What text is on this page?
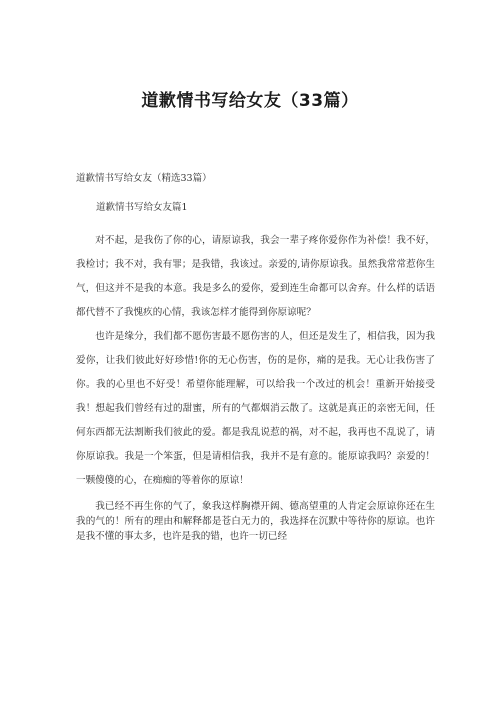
道歉情书写给女友（33篇）

道歉情书写给女友（精选33篇）

道歉情书写给女友篇1

对不起，是我伤了你的心，请原谅我，我会一辈子疼你爱你作为补偿！我不好，我检讨；我不对，我有罪；是我错，我该过。亲爱的,请你原谅我。虽然我常常惹你生气，但这并不是我的本意。我是多么的爱你，爱到连生命都可以舍弃。什么样的话语都代替不了我愧疚的心情，我该怎样才能得到你原谅呢？

也许是缘分，我们都不愿伤害最不愿伤害的人，但还是发生了，相信我，因为我爱你，让我们彼此好好珍惜!你的无心伤害，伤的是你，痛的是我。无心让我伤害了你。我的心里也不好受！希望你能理解，可以给我一个改过的机会！重新开始接受我！想起我们曾经有过的甜蜜，所有的气都烟消云散了。这就是真正的亲密无间，任何东西都无法割断我们彼此的爱。都是我乱说惹的祸，对不起，我再也不乱说了，请你原谅我。我是一个笨蛋，但是请相信我，我并不是有意的。能原谅我吗？亲爱的！一颗傻傻的心，在痴痴的等着你的原谅！

我已经不再生你的气了，象我这样胸襟开阔、德高望重的人肯定会原谅你还在生我的气的！所有的理由和解释都是苍白无力的，我选择在沉默中等待你的原谅。也许是我不懂的事太多，也许是我的错，也许一切已经
